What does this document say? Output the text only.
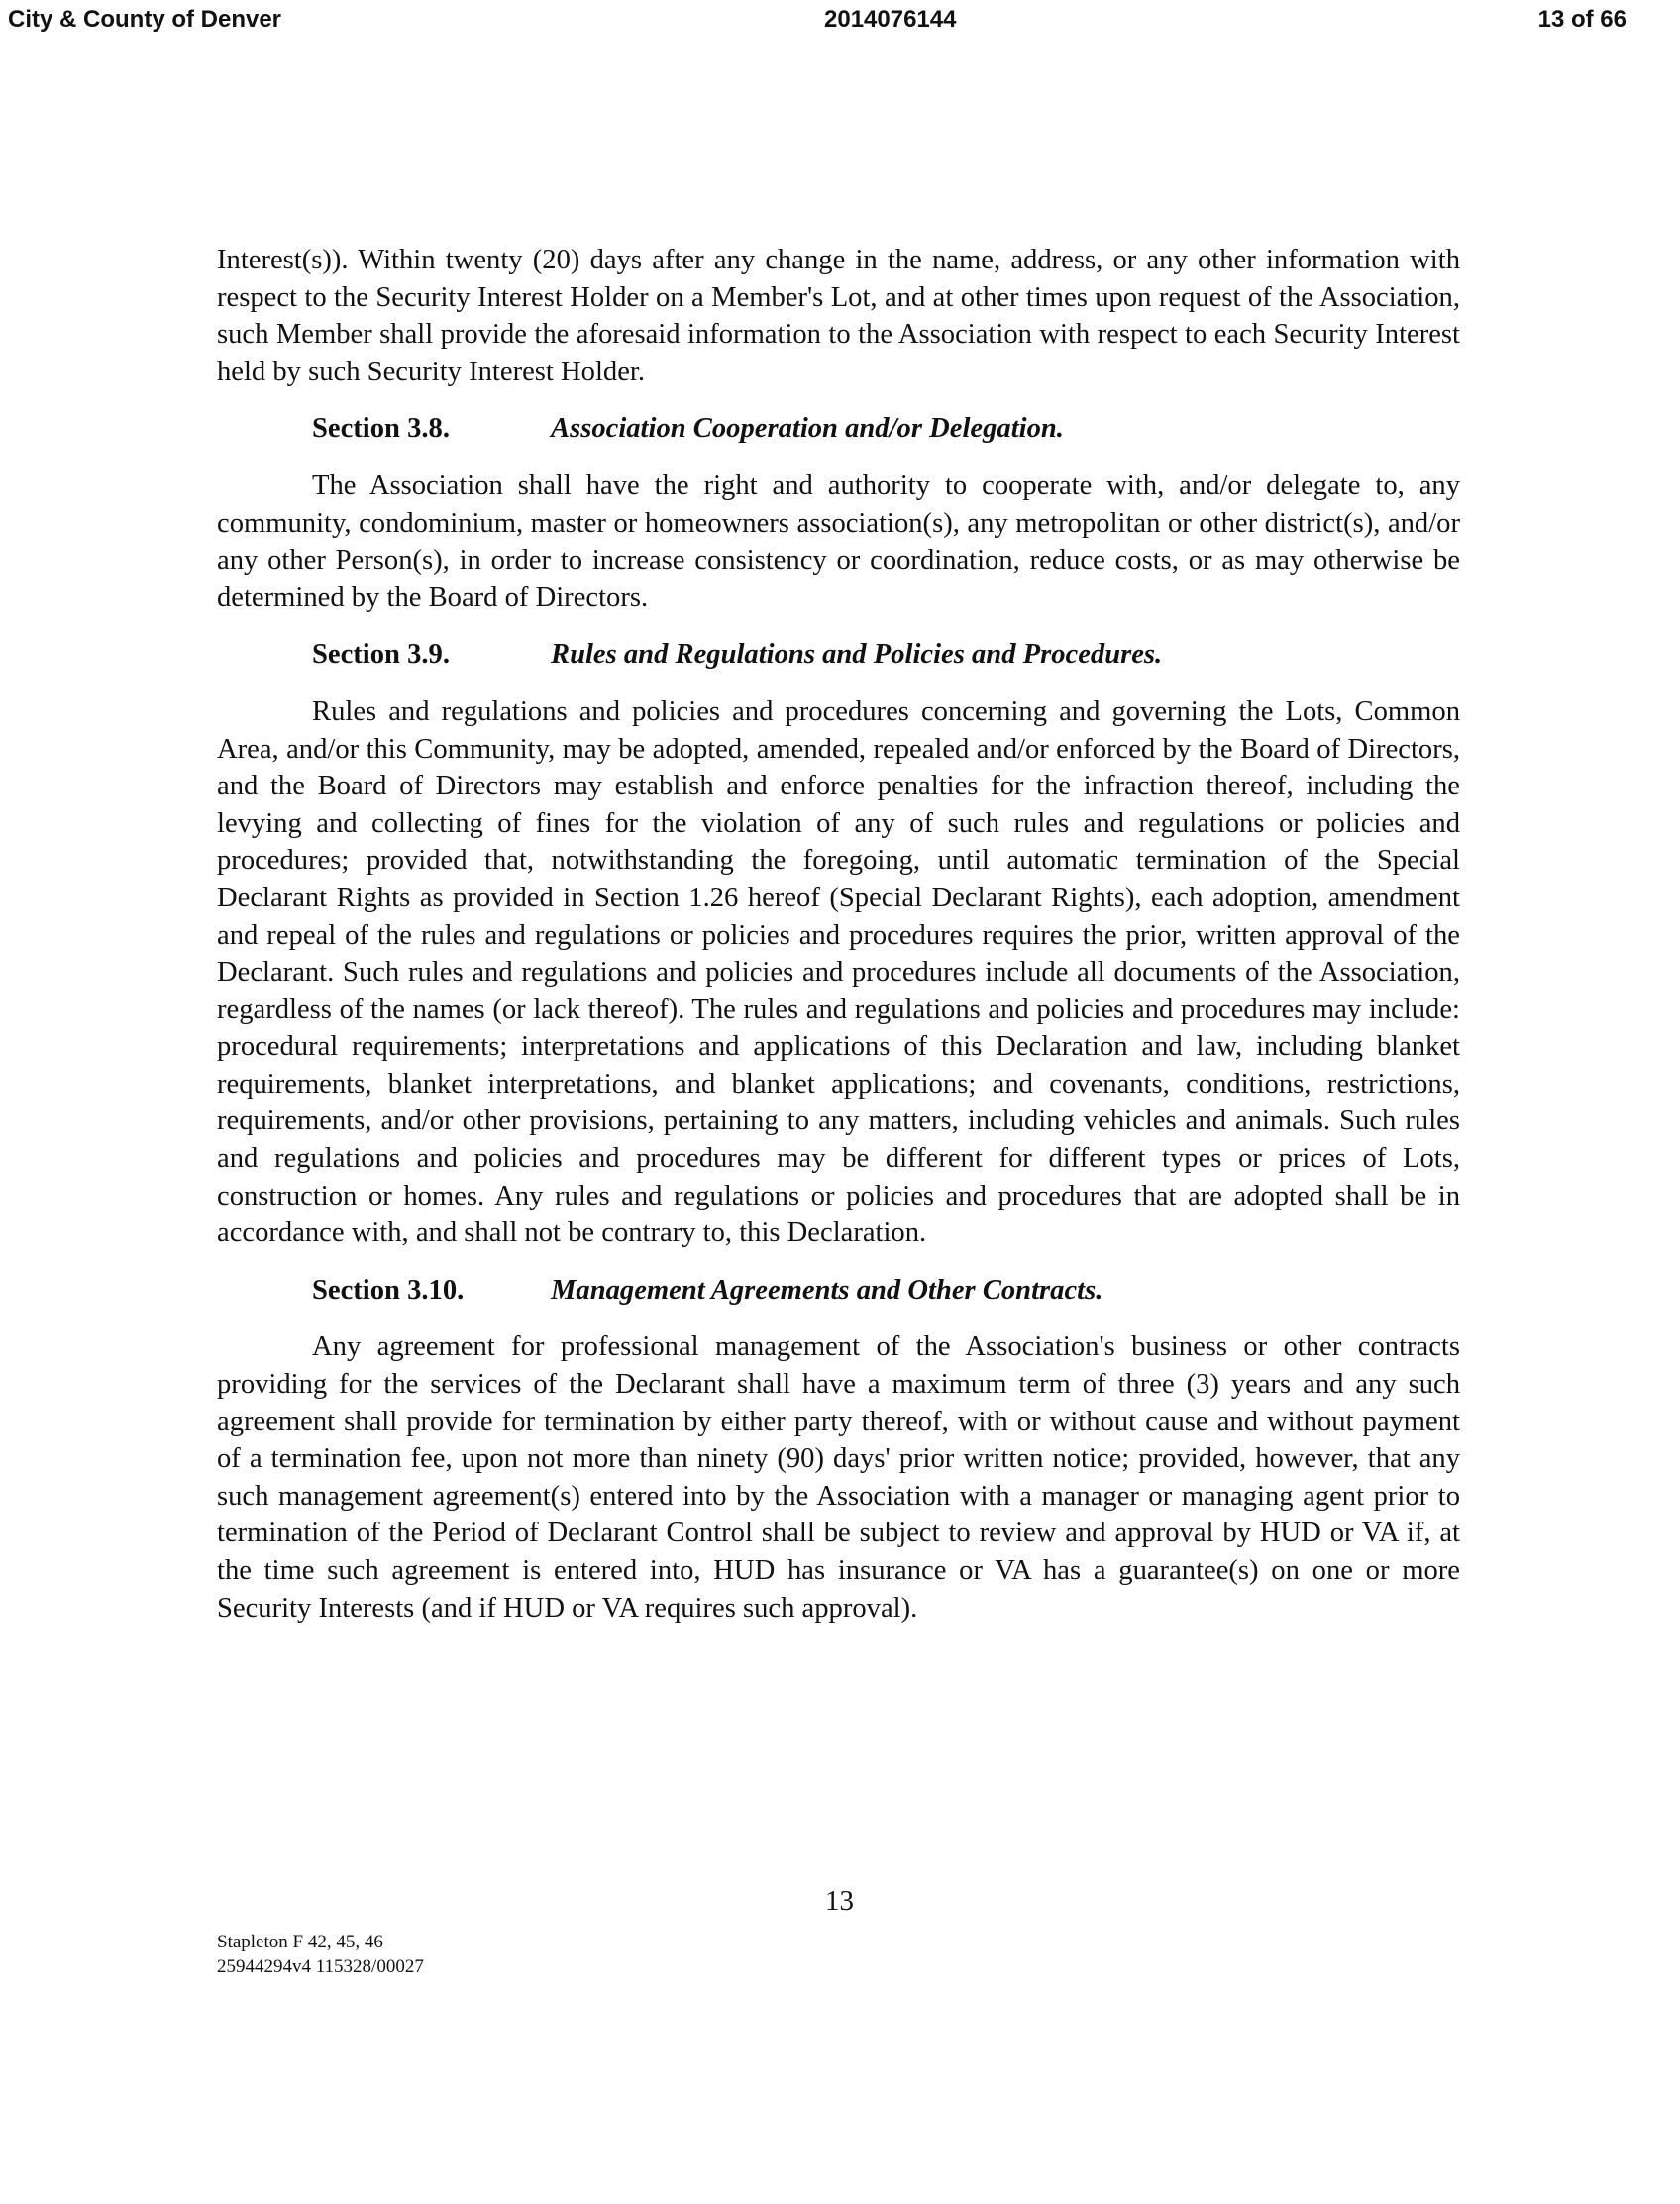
City & County of Denver	2014076144	13 of 66

Interest(s)). Within twenty (20) days after any change in the name, address, or any other information with respect to the Security Interest Holder on a Member's Lot, and at other times upon request of the Association, such Member shall provide the aforesaid information to the Association with respect to each Security Interest held by such Security Interest Holder.

Section 3.8.	Association Cooperation and/or Delegation.

The Association shall have the right and authority to cooperate with, and/or delegate to, any community, condominium, master or homeowners association(s), any metropolitan or other district(s), and/or any other Person(s), in order to increase consistency or coordination, reduce costs, or as may otherwise be determined by the Board of Directors.

Section 3.9.	Rules and Regulations and Policies and Procedures.

Rules and regulations and policies and procedures concerning and governing the Lots, Common Area, and/or this Community, may be adopted, amended, repealed and/or enforced by the Board of Directors, and the Board of Directors may establish and enforce penalties for the infraction thereof, including the levying and collecting of fines for the violation of any of such rules and regulations or policies and procedures; provided that, notwithstanding the foregoing, until automatic termination of the Special Declarant Rights as provided in Section 1.26 hereof (Special Declarant Rights), each adoption, amendment and repeal of the rules and regulations or policies and procedures requires the prior, written approval of the Declarant. Such rules and regulations and policies and procedures include all documents of the Association, regardless of the names (or lack thereof). The rules and regulations and policies and procedures may include: procedural requirements; interpretations and applications of this Declaration and law, including blanket requirements, blanket interpretations, and blanket applications; and covenants, conditions, restrictions, requirements, and/or other provisions, pertaining to any matters, including vehicles and animals. Such rules and regulations and policies and procedures may be different for different types or prices of Lots, construction or homes. Any rules and regulations or policies and procedures that are adopted shall be in accordance with, and shall not be contrary to, this Declaration.

Section 3.10.	Management Agreements and Other Contracts.

Any agreement for professional management of the Association's business or other contracts providing for the services of the Declarant shall have a maximum term of three (3) years and any such agreement shall provide for termination by either party thereof, with or without cause and without payment of a termination fee, upon not more than ninety (90) days' prior written notice; provided, however, that any such management agreement(s) entered into by the Association with a manager or managing agent prior to termination of the Period of Declarant Control shall be subject to review and approval by HUD or VA if, at the time such agreement is entered into, HUD has insurance or VA has a guarantee(s) on one or more Security Interests (and if HUD or VA requires such approval).

13
Stapleton F 42, 45, 46
25944294v4 115328/00027
